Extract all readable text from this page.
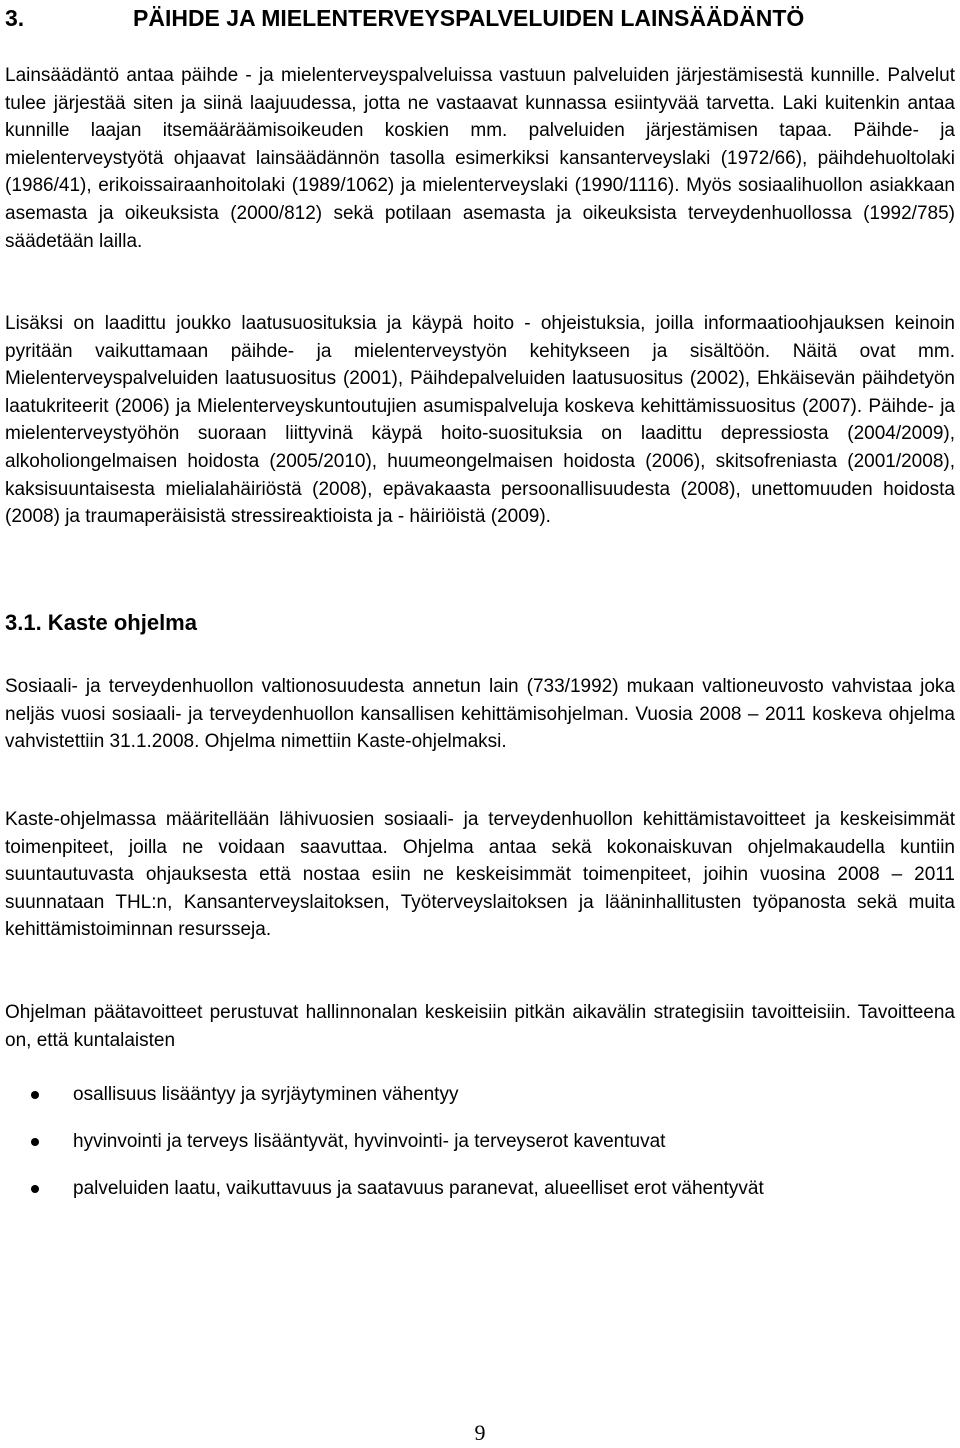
3.	PÄIHDE JA MIELENTERVEYSPALVELUIDEN LAINSÄÄDÄNTÖ
Lainsäädäntö antaa päihde - ja mielenterveyspalveluissa vastuun palveluiden järjestämisestä kunnille. Palvelut tulee järjestää siten ja siinä laajuudessa, jotta ne vastaavat kunnassa esiintyvää tarvetta. Laki kuitenkin antaa kunnille laajan itsemääräämisoikeuden koskien mm. palveluiden järjestämisen tapaa. Päihde- ja mielenterveystyötä ohjaavat lainsäädännön tasolla esimerkiksi kansanterveyslaki (1972/66), päihdehuoltolaki (1986/41), erikoissairaanhoitolaki (1989/1062) ja mielenterveyslaki (1990/1116). Myös sosiaalihuollon asiakkaan asemasta ja oikeuksista (2000/812) sekä potilaan asemasta ja oikeuksista terveydenhuollossa (1992/785) säädetään lailla.
Lisäksi on laadittu joukko laatusuosituksia ja käypä hoito - ohjeistuksia, joilla informaatioohjauksen keinoin pyritään vaikuttamaan päihde- ja mielenterveystyön kehitykseen ja sisältöön. Näitä ovat mm. Mielenterveyspalveluiden laatusuositus (2001), Päihdepalveluiden laatusuositus (2002), Ehkäisevän päihdetyön laatukriteerit (2006) ja Mielenterveyskuntoutujien asumispalveluja koskeva kehittämissuositus (2007). Päihde- ja mielenterveystyöhön suoraan liittyvinä käypä hoito-suosituksia on laadittu depressiosta (2004/2009), alkoholiongelmaisen hoidosta (2005/2010), huumeongelmaisen hoidosta (2006), skitsofreniasta (2001/2008), kaksisuuntaisesta mielialahäiriöstä (2008), epävakaasta persoonallisuudesta (2008), unettomuuden hoidosta (2008) ja traumaperäisistä stressireaktioista ja - häiriöistä (2009).
3.1. Kaste ohjelma
Sosiaali- ja terveydenhuollon valtionosuudesta annetun lain (733/1992) mukaan valtioneuvosto vahvistaa joka neljäs vuosi sosiaali- ja terveydenhuollon kansallisen kehittämisohjelman. Vuosia 2008 – 2011 koskeva ohjelma vahvistettiin 31.1.2008. Ohjelma nimettiin Kaste-ohjelmaksi.
Kaste-ohjelmassa määritellään lähivuosien sosiaali- ja terveydenhuollon kehittämistavoitteet ja keskeisimmät toimenpiteet, joilla ne voidaan saavuttaa. Ohjelma antaa sekä kokonaiskuvan ohjelmakaudella kuntiin suuntautuvasta ohjauksesta että nostaa esiin ne keskeisimmät toimenpiteet, joihin vuosina 2008 – 2011 suunnataan THL:n, Kansanterveyslaitoksen, Työterveyslaitoksen ja lääninhallitusten työpanosta sekä muita kehittämistoiminnan resursseja.
Ohjelman päätavoitteet perustuvat hallinnonalan keskeisiin pitkän aikavälin strategisiin tavoitteisiin. Tavoitteena on, että kuntalaisten
osallisuus lisääntyy ja syrjäytyminen vähentyy
hyvinvointi ja terveys lisääntyvät, hyvinvointi- ja terveyserot kaventuvat
palveluiden laatu, vaikuttavuus ja saatavuus paranevat, alueelliset erot vähentyvät
9
